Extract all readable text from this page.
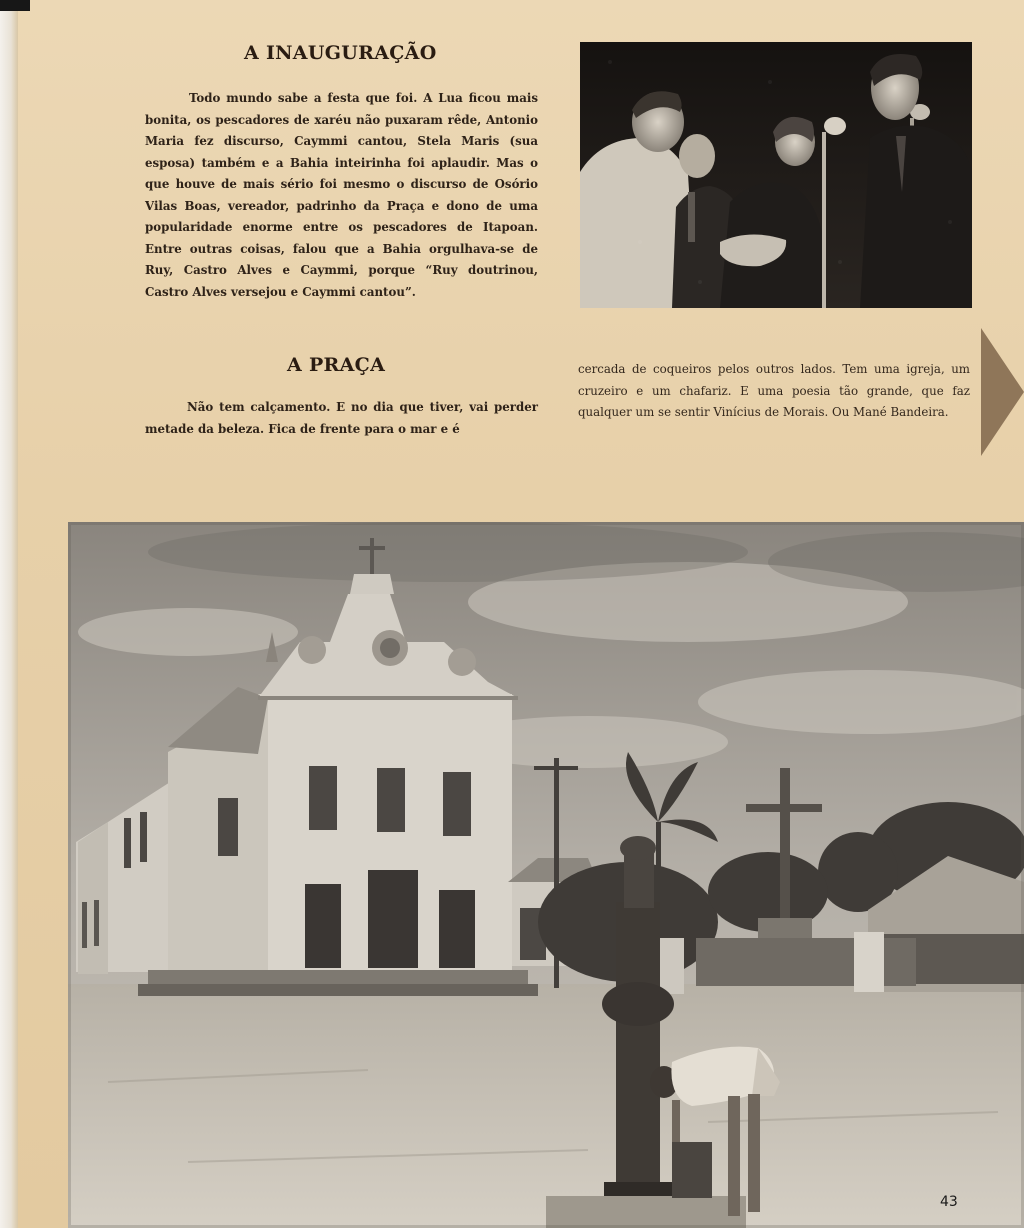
A INAUGURAÇÃO

Todo mundo sabe a festa que foi. A Lua ficou mais bonita, os pescadores de xaréu não puxaram rêde, Antonio Maria fez discurso, Caymmi cantou, Stela Maris (sua esposa) também e a Bahia inteirinha foi aplaudir. Mas o que houve de mais sério foi mesmo o discurso de Osório Vilas Boas, vereador, padrinho da Praça e dono de uma popularidade enorme entre os pescadores de Itapoan. Entre outras coisas, falou que a Bahia orgulhava-se de Ruy, Castro Alves e Caymmi, porque “Ruy doutrinou, Castro Alves versejou e Caymmi cantou”.

A PRAÇA

Não tem calçamento. E no dia que tiver, vai perder metade da beleza. Fica de frente para o mar e é

cercada de coqueiros pelos outros lados. Tem uma igreja, um cruzeiro e um chafariz. E uma poesia tão grande, que faz qualquer um se sentir Vinícius de Morais. Ou Mané Bandeira.

43
